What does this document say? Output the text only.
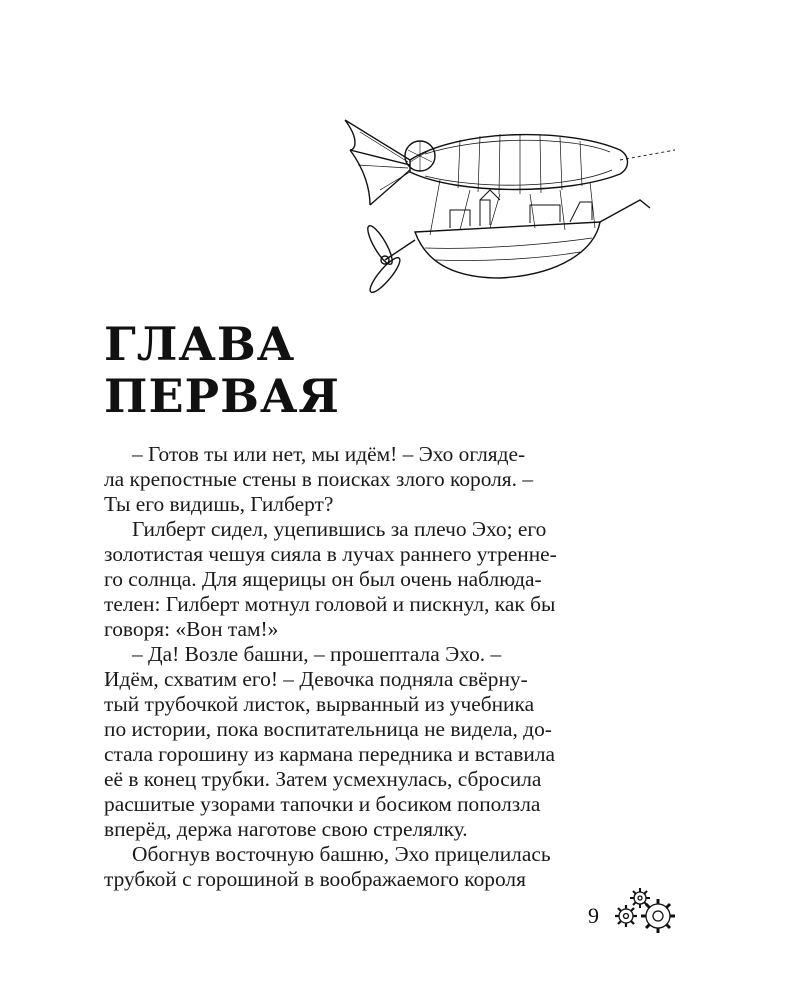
ГЛАВА
ПЕРВАЯ

– Готов ты или нет, мы идём! – Эхо огляде-

ла крепостные стены в поисках злого короля. –

Ты его видишь, Гилберт?

Гилберт сидел, уцепившись за плечо Эхо; его

золотистая чешуя сияла в лучах раннего утренне-

го солнца. Для ящерицы он был очень наблюда-

телен: Гилберт мотнул головой и пискнул, как бы

говоря: «Вон там!»

– Да! Возле башни, – прошептала Эхо. –

Идём, схватим его! – Девочка подняла свёрну-

тый трубочкой листок, вырванный из учебника

по истории, пока воспитательница не видела, до-

стала горошину из кармана передника и вставила

её в конец трубки. Затем усмехнулась, сбросила

расшитые узорами тапочки и босиком поползла

вперёд, держа наготове свою стрелялку.

Обогнув восточную башню, Эхо прицелилась

трубкой с горошиной в воображаемого короля

9
